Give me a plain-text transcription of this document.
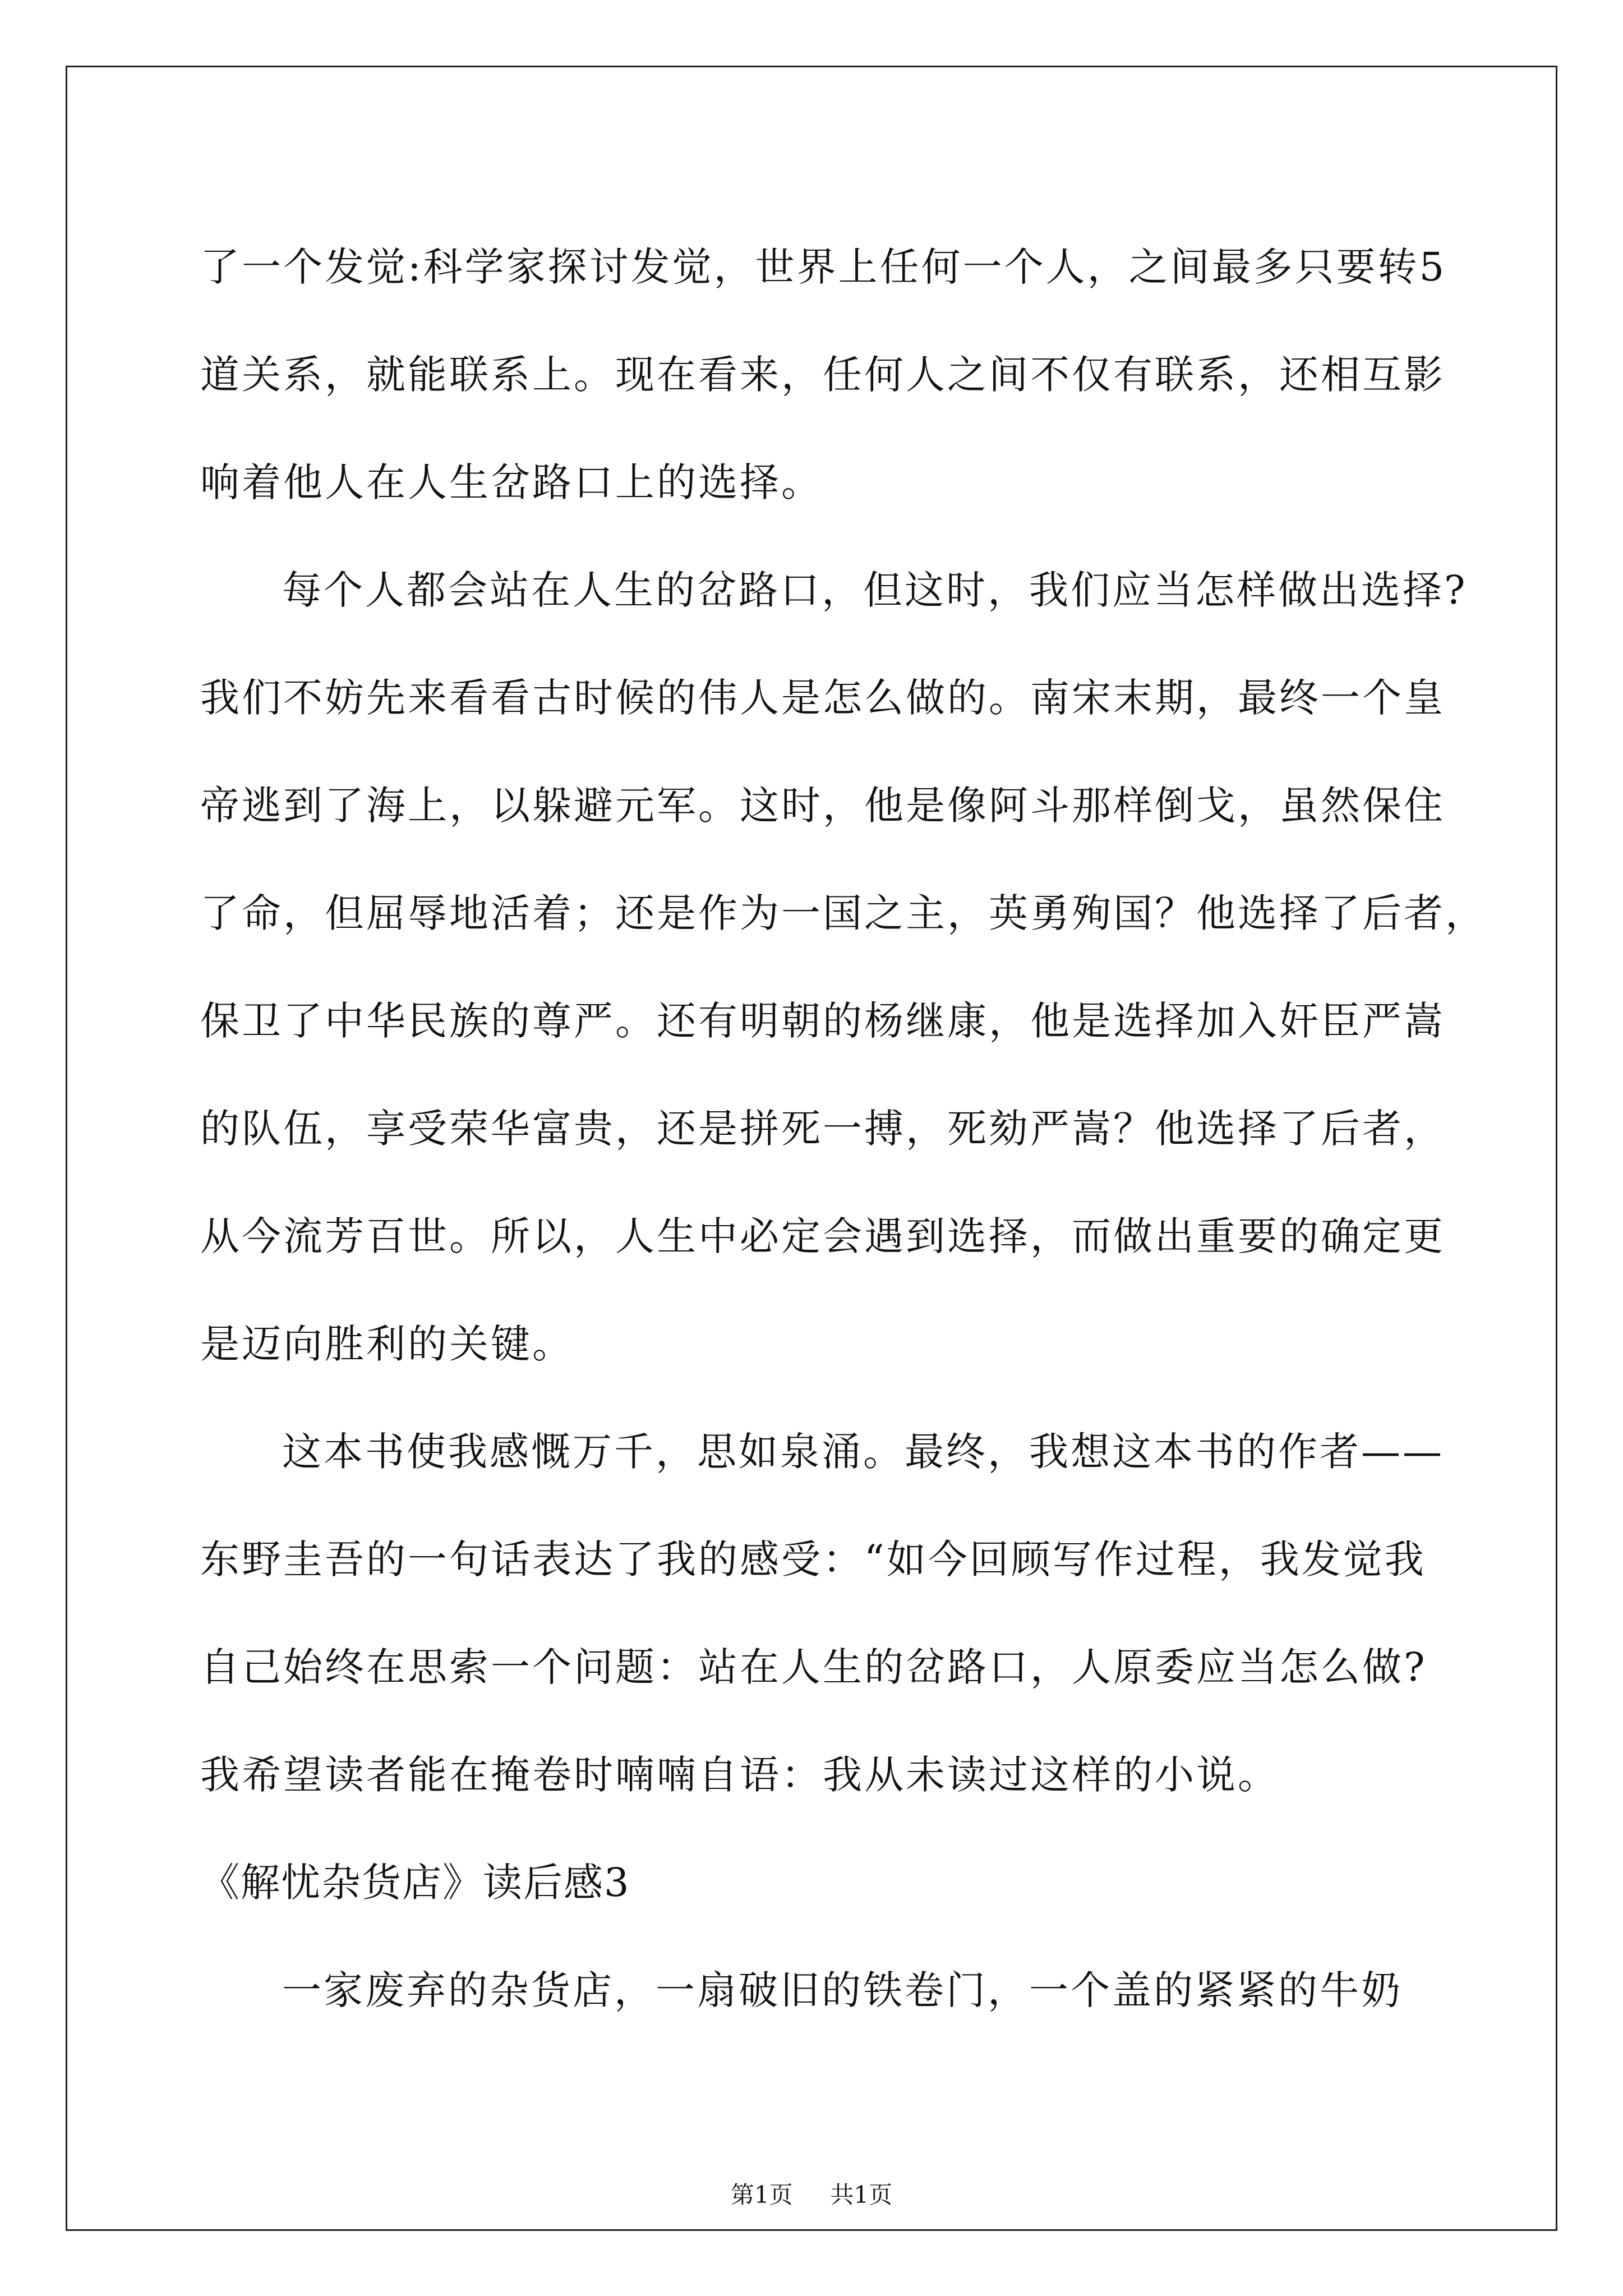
了一个发觉:科学家探讨发觉，世界上任何一个人，之间最多只要转5
道关系，就能联系上。现在看来，任何人之间不仅有联系，还相互影
响着他人在人生岔路口上的选择。
每个人都会站在人生的岔路口，但这时，我们应当怎样做出选择?
我们不妨先来看看古时候的伟人是怎么做的。南宋末期，最终一个皇
帝逃到了海上，以躲避元军。这时，他是像阿斗那样倒戈，虽然保住
了命，但屈辱地活着；还是作为一国之主，英勇殉国？他选择了后者，
保卫了中华民族的尊严。还有明朝的杨继康，他是选择加入奸臣严嵩
的队伍，享受荣华富贵，还是拼死一搏，死劾严嵩？他选择了后者，
从今流芳百世。所以，人生中必定会遇到选择，而做出重要的确定更
是迈向胜利的关键。
这本书使我感慨万千，思如泉涌。最终，我想这本书的作者——
东野圭吾的一句话表达了我的感受：“如今回顾写作过程，我发觉我
自己始终在思索一个问题：站在人生的岔路口，人原委应当怎么做?
我希望读者能在掩卷时喃喃自语：我从未读过这样的小说。
《解忧杂货店》读后感3
一家废弃的杂货店，一扇破旧的铁卷门，一个盖的紧紧的牛奶
第1页 共1页
